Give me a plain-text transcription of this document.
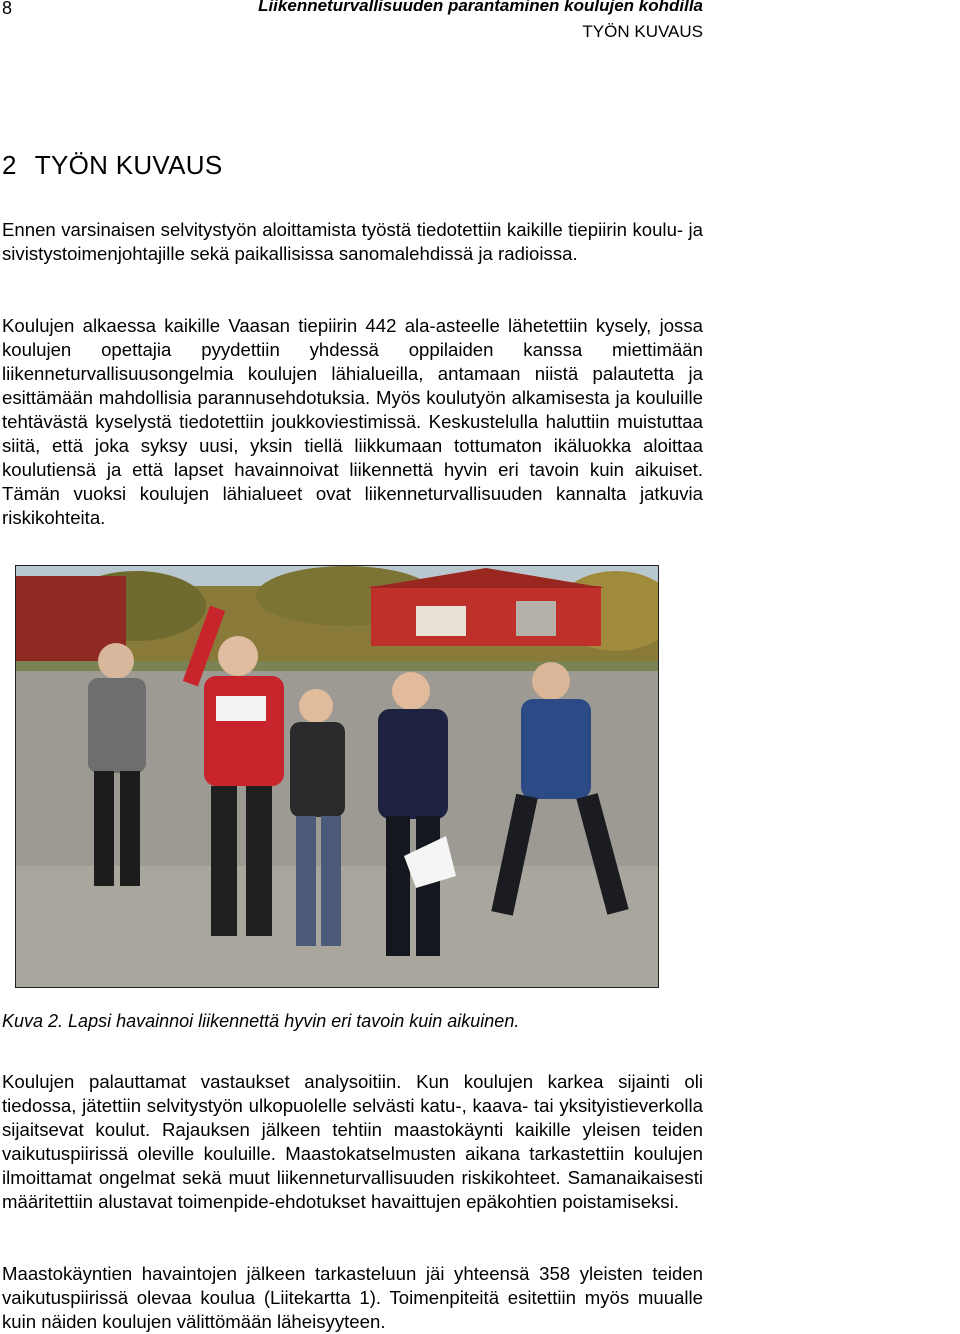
8	Liikenneturvallisuuden parantaminen koulujen kohdilla
TYÖN KUVAUS
2 TYÖN KUVAUS

Ennen varsinaisen selvitystyön aloittamista työstä tiedotettiin kaikille tiepiirin koulu- ja sivistystoimenjohtajille sekä paikallisissa sanomalehdissä ja radioissa.

Koulujen alkaessa kaikille Vaasan tiepiirin 442 ala-asteelle lähetettiin kysely, jossa koulujen opettajia pyydettiin yhdessä oppilaiden kanssa miettimään liikenneturvallisuusongelmia koulujen lähialueilla, antamaan niistä palautetta ja esittämään mahdollisia parannusehdotuksia. Myös koulutyön alkamisesta ja kouluille tehtävästä kyselystä tiedotettiin joukkoviestimissä. Keskustelulla haluttiin muistuttaa siitä, että joka syksy uusi, yksin tiellä liikkumaan tottumaton ikäluokka aloittaa koulutiensä ja että lapset havainnoivat liikennettä hyvin eri tavoin kuin aikuiset. Tämän vuoksi koulujen lähialueet ovat liikenneturvallisuuden kannalta jatkuvia riskikohteita.

Kuva 2. Lapsi havainnoi liikennettä hyvin eri tavoin kuin aikuinen.

Koulujen palauttamat vastaukset analysoitiin. Kun koulujen karkea sijainti oli tiedossa, jätettiin selvitystyön ulkopuolelle selvästi katu-, kaava- tai yksityistieverkolla sijaitsevat koulut. Rajauksen jälkeen tehtiin maastokäynti kaikille yleisen teiden vaikutuspiirissä oleville kouluille. Maastokatselmusten aikana tarkastettiin koulujen ilmoittamat ongelmat sekä muut liikenneturvallisuuden riskikohteet. Samanaikaisesti määritettiin alustavat toimenpide-ehdotukset havaittujen epäkohtien poistamiseksi.

Maastokäyntien havaintojen jälkeen tarkasteluun jäi yhteensä 358 yleisten teiden vaikutuspiirissä olevaa koulua (Liitekartta 1). Toimenpiteitä esitettiin myös muualle kuin näiden koulujen välittömään läheisyyteen.
